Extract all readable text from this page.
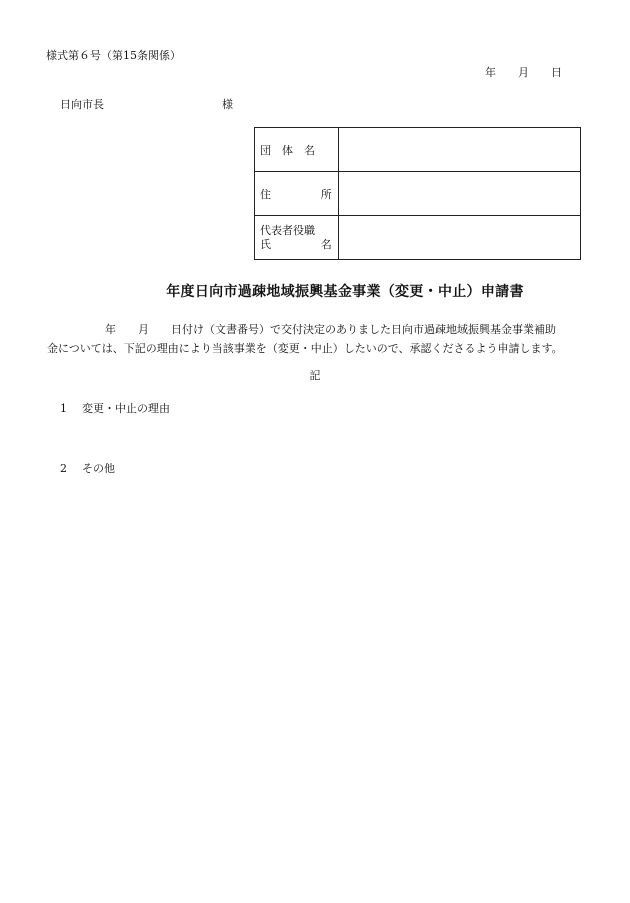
様式第６号（第15条関係）
年 月 日
日向市長	様
団　体　名	

住 所	

代表者役職
氏 名	

年度日向市過疎地域振興基金事業（変更・中止）申請書
年　　月　　日付け（文書番号）で交付決定のありました日向市過疎地域振興基金事業補助
金については、下記の理由により当該事業を（変更・中止）したいので、承認くださるよう申請します。
記
1 変更・中止の理由
2 その他
